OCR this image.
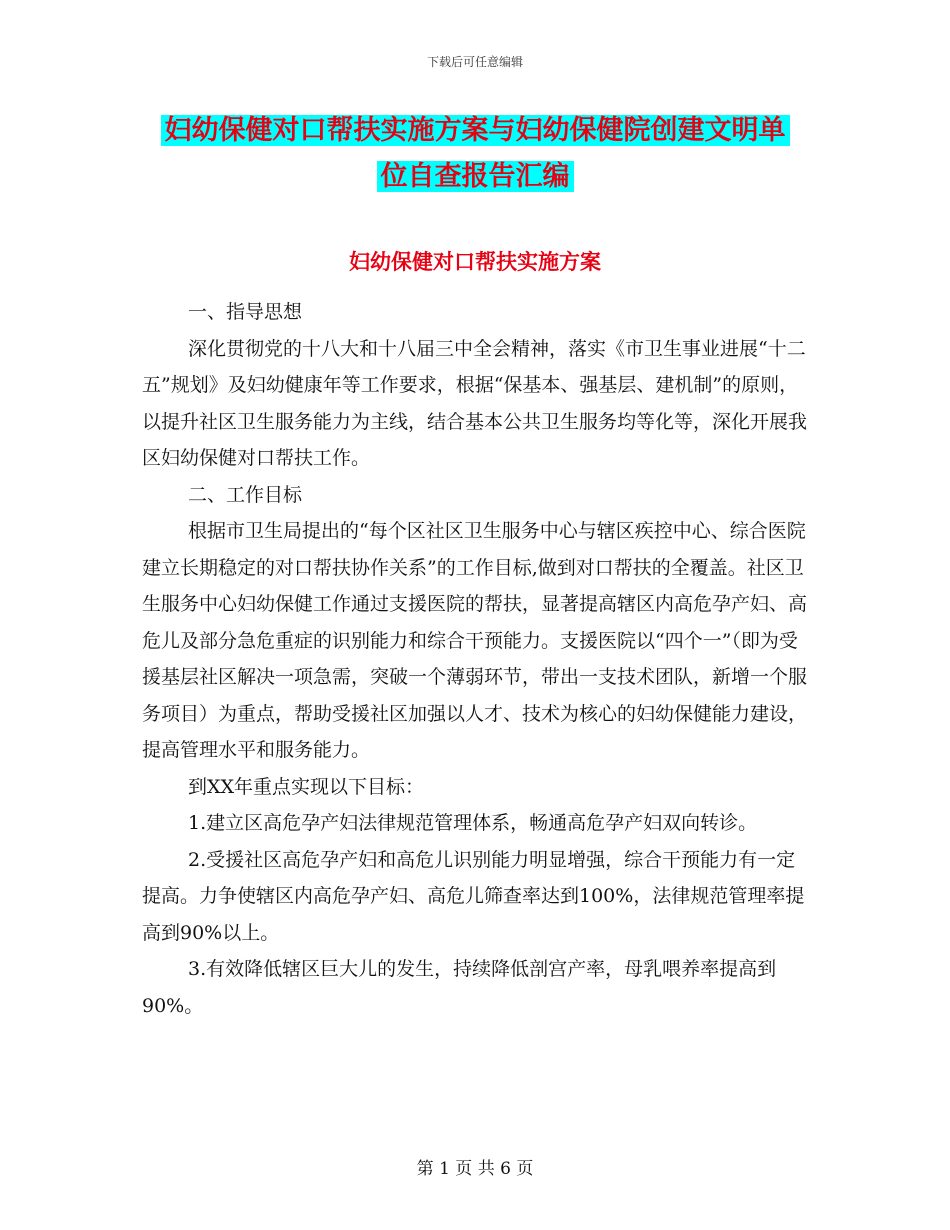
下载后可任意编辑
妇幼保健对口帮扶实施方案与妇幼保健院创建文明单
位自查报告汇编
妇幼保健对口帮扶实施方案

一、指导思想

深化贯彻党的十八大和十八届三中全会精神，落实《市卫生事业进展“十二五”规划》及妇幼健康年等工作要求，根据“保基本、强基层、建机制”的原则，以提升社区卫生服务能力为主线，结合基本公共卫生服务均等化等，深化开展我区妇幼保健对口帮扶工作。

二、工作目标

根据市卫生局提出的“每个区社区卫生服务中心与辖区疾控中心、综合医院建立长期稳定的对口帮扶协作关系”的工作目标,做到对口帮扶的全覆盖。社区卫生服务中心妇幼保健工作通过支援医院的帮扶，显著提高辖区内高危孕产妇、高危儿及部分急危重症的识别能力和综合干预能力。支援医院以“四个一”（即为受援基层社区解决一项急需，突破一个薄弱环节，带出一支技术团队，新增一个服务项目）为重点，帮助受援社区加强以人才、技术为核心的妇幼保健能力建设，提高管理水平和服务能力。

到XX年重点实现以下目标：

1.建立区高危孕产妇法律规范管理体系，畅通高危孕产妇双向转诊。

2.受援社区高危孕产妇和高危儿识别能力明显增强，综合干预能力有一定提高。力争使辖区内高危孕产妇、高危儿筛查率达到100%，法律规范管理率提高到90%以上。

3.有效降低辖区巨大儿的发生，持续降低剖宫产率，母乳喂养率提高到90%。

第 1 页 共 6 页
